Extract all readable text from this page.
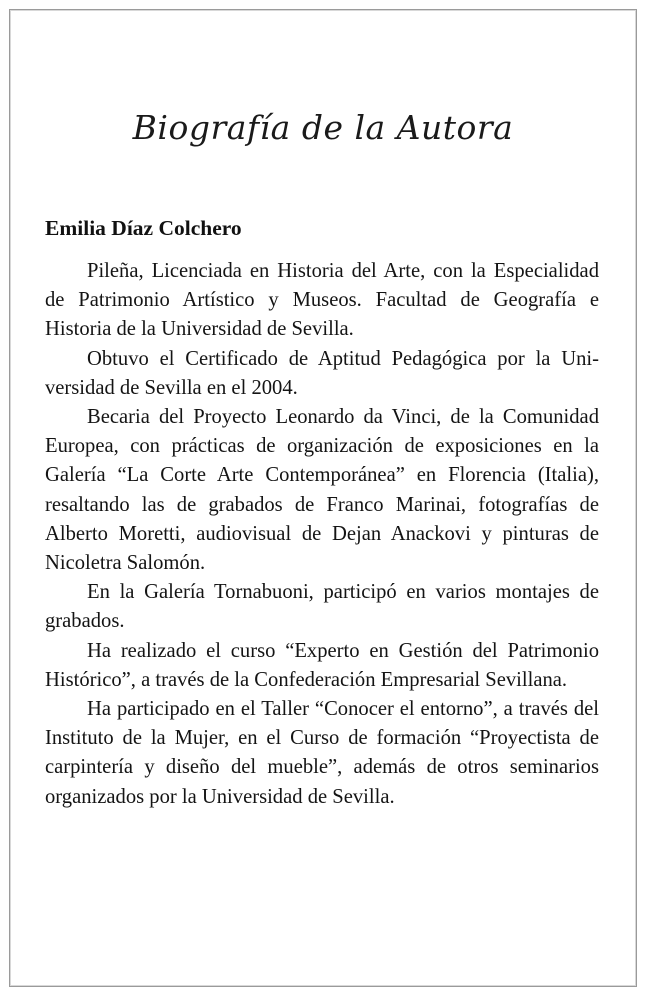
Biografía de la Autora
Emilia Díaz Colchero

Pileña, Licenciada en Historia del Arte, con la Especialidad de Patrimonio Artístico y Museos. Facultad de Geografía e Historia de la Universidad de Sevilla.

Obtuvo el Certificado de Aptitud Pedagógica por la Universidad de Sevilla en el 2004.

Becaria del Proyecto Leonardo da Vinci, de la Comunidad Europea, con prácticas de organización de exposiciones en la Galería “La Corte Arte Contemporánea” en Florencia (Italia), resaltando las de grabados de Franco Marinai, fotografías de Alberto Moretti, audiovisual de Dejan Anackovi y pinturas de Nicoletra Salomón.

En la Galería Tornabuoni, participó en varios montajes de grabados.

Ha realizado el curso “Experto en Gestión del Patrimonio Histórico”, a través de la Confederación Empresarial Sevillana.

Ha participado en el Taller “Conocer el entorno”, a través del Instituto de la Mujer, en el Curso de formación “Proyectista de carpintería y diseño del mueble”, además de otros seminarios organizados por la Universidad de Sevilla.
